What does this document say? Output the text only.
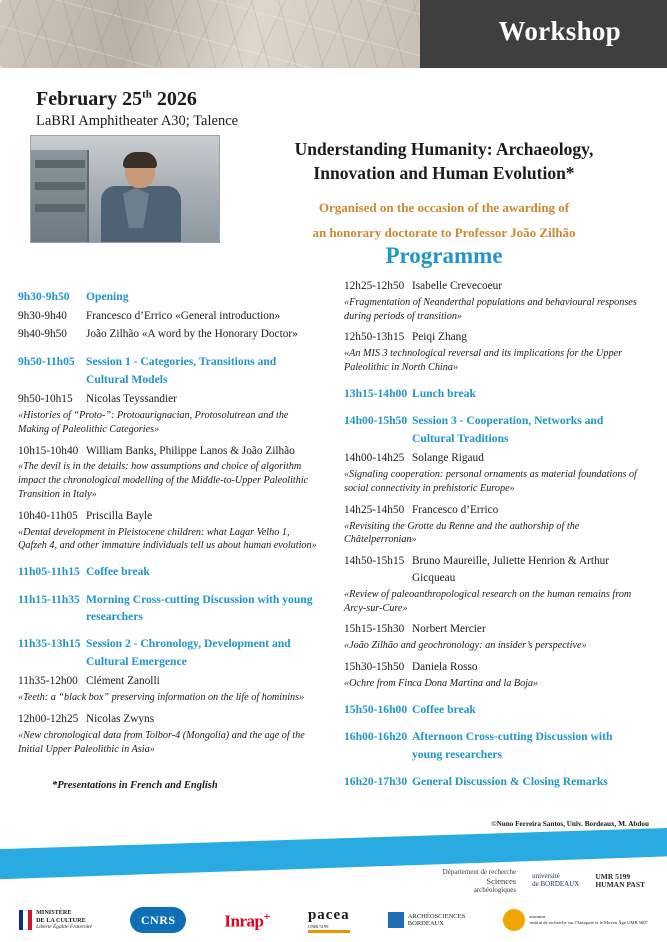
Workshop
February 25th 2026
LaBRI Amphitheater A30; Talence
Understanding Humanity: Archaeology,
Innovation and Human Evolution*
Organised on the occasion of the awarding of
an honorary doctorate to Professor João Zilhão
Programme
9h30-9h50	Opening
9h30-9h40	Francesco d’Errico «General introduction»
9h40-9h50	João Zilhão «A word by the Honorary Doctor»
9h50-11h05 Session 1 - Categories, Transitions and Cultural Models
9h50-10h15	Nicolas Teyssandier
«Histories of “Proto-”: Protoaurignacian, Protosolutrean and the Making of Paleolithic Categories»
10h15-10h40 William Banks, Philippe Lanos & João Zilhão
«The devil is in the details: how assumptions and choice of algorithm impact the chronological modelling of the Middle-to-Upper Paleolithic Transition in Italy»
10h40-11h05 Priscilla Bayle
«Dental development in Pleistocene children: what Lagar Velho 1, Qafzeh 4, and other immature individuals tell us about human evolution»
11h05-11h15 Coffee break
11h15-11h35 Morning Cross-cutting Discussion with young researchers
11h35-13h15 Session 2 - Chronology, Development and Cultural Emergence
11h35-12h00 Clément Zanolli
«Teeth: a “black box” preserving information on the life of hominins»
12h00-12h25 Nicolas Zwyns
«New chronological data from Tolbor-4 (Mongolia) and the age of the Initial Upper Paleolithic in Asia»
12h25-12h50 Isabelle Crevecoeur
«Fragmentation of Neanderthal populations and behavioural responses during periods of transition»
12h50-13h15 Peiqi Zhang
«An MIS 3 technological reversal and its implications for the Upper Paleolithic in North China»
13h15-14h00 Lunch break
14h00-15h50 Session 3 - Cooperation, Networks and Cultural Traditions
14h00-14h25 Solange Rigaud
«Signaling cooperation: personal ornaments as material foundations of social connectivity in prehistoric Europe»
14h25-14h50 Francesco d’Errico
«Revisiting the Grotte du Renne and the authorship of the Châtelperronian»
14h50-15h15 Bruno Maureille, Juliette Henrion & Arthur Gicqueau
«Review of paleoanthropological research on the human remains from Arcy-sur-Cure»
15h15-15h30 Norbert Mercier
«João Zilhão and geochronology: an insider’s perspective»
15h30-15h50 Daniela Rosso
«Ochre from Finca Dona Martina and la Boja»
15h50-16h00 Coffee break
16h00-16h20 Afternoon Cross-cutting Discussion with young researchers
16h20-17h30 General Discussion & Closing Remarks
*Presentations in French and English
©Nuno Ferreira Santos, Univ. Bordeaux, M. Abdou
Département de recherche
Sciences
archéologiques
université
de BORDEAUX
UMR 5199
HUMAN PAST
MINISTÈRE
DE LA CULTURE
Liberté Égalité Fraternité
CNRS	Inrap+	pacea
UMR 5199
ARCHÉOSCIENCES
BORDEAUX
ausonius
institut de recherche sur l'Antiquité et le Moyen Âge UMR 5607
